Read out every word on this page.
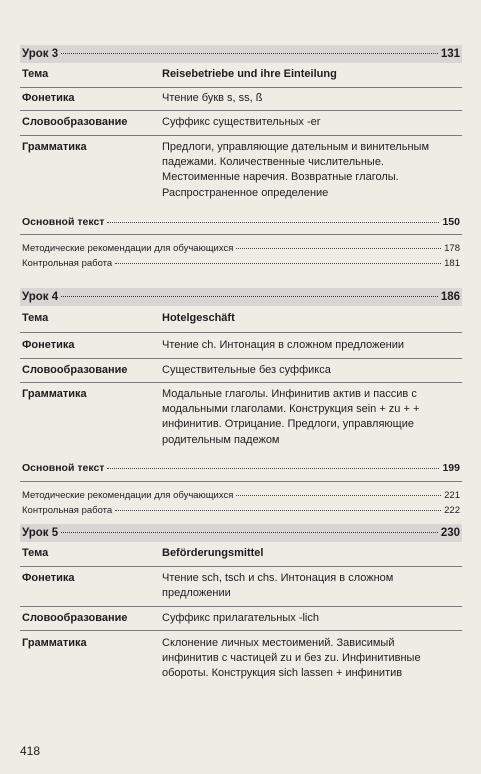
Урок 3	131
Тема	Reisebetriebe und ihre Einteilung
Фонетика	Чтение букв s, ss, ß
Словообразование	Суффикс существительных -er
Грамматика	Предлоги, управляющие дательным и винительным падежами. Количественные числительные. Местоименные наречия. Возвратные глаголы. Распространенное определение
Основной текст	150
Методические рекомендации для обучающихся	178
Контрольная работа	181
Урок 4	186
Тема	Hotelgeschäft
Фонетика	Чтение ch. Интонация в сложном предложении
Словообразование	Существительные без суффикса
Грамматика	Модальные глаголы. Инфинитив актив и пассив с модальными глаголами. Конструкция sein + zu + + инфинитив. Отрицание. Предлоги, управляющие родительным падежом
Основной текст	199
Методические рекомендации для обучающихся	221
Контрольная работа	222
Урок 5	230
Тема	Beförderungsmittel
Фонетика	Чтение sch, tsch и chs. Интонация в сложном предложении
Словообразование	Суффикс прилагательных -lich
Грамматика	Склонение личных местоимений. Зависимый инфинитив с частицей zu и без zu. Инфинитивные обороты. Конструкция sich lassen + инфинитив
418
